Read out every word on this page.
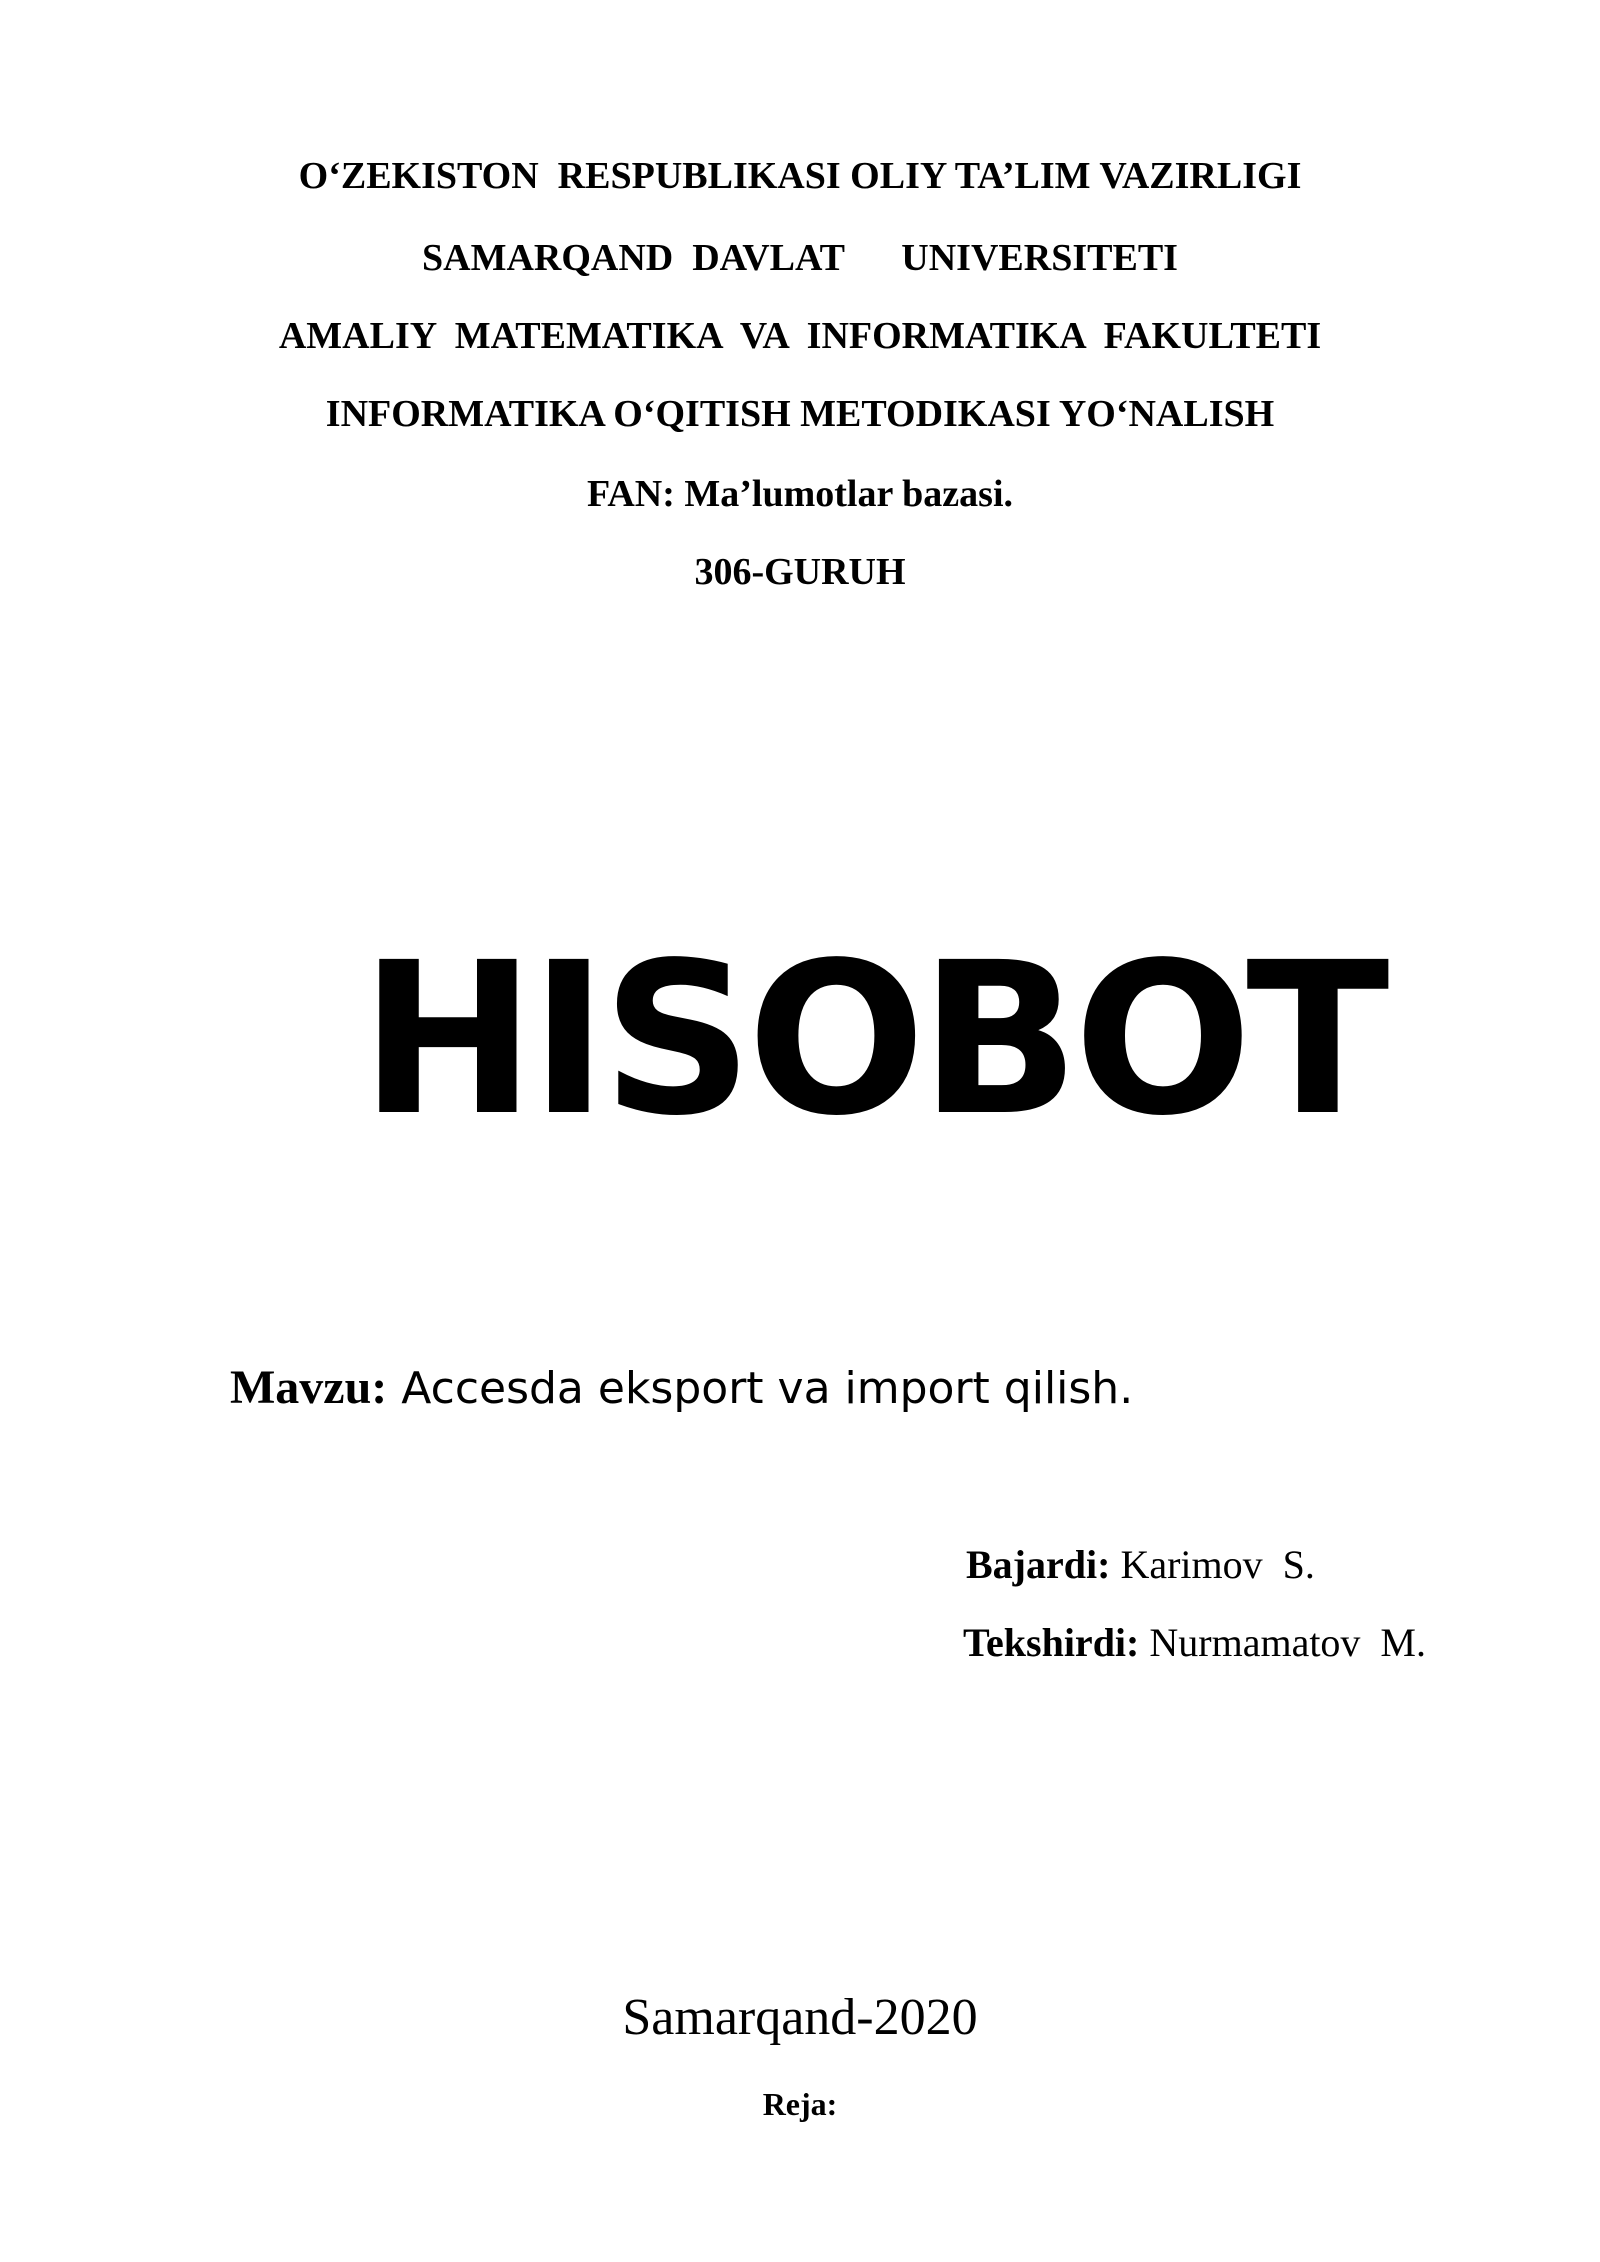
O‘ZEKISTON  RESPUBLIKASI OLIY TA’LIM VAZIRLIGI
SAMARQAND  DAVLAT      UNIVERSITETI
AMALIY  MATEMATIKA  VA  INFORMATIKA  FAKULTETI
INFORMATIKA O‘QITISH METODIKASI YO‘NALISH
FAN: Ma’lumotlar bazasi.
306-GURUH
HISOBOT
Mavzu: Accesda eksport va import qilish.
Bajardi: Karimov  S.
Tekshirdi: Nurmamatov  M.
Samarqand-2020
Reja:
